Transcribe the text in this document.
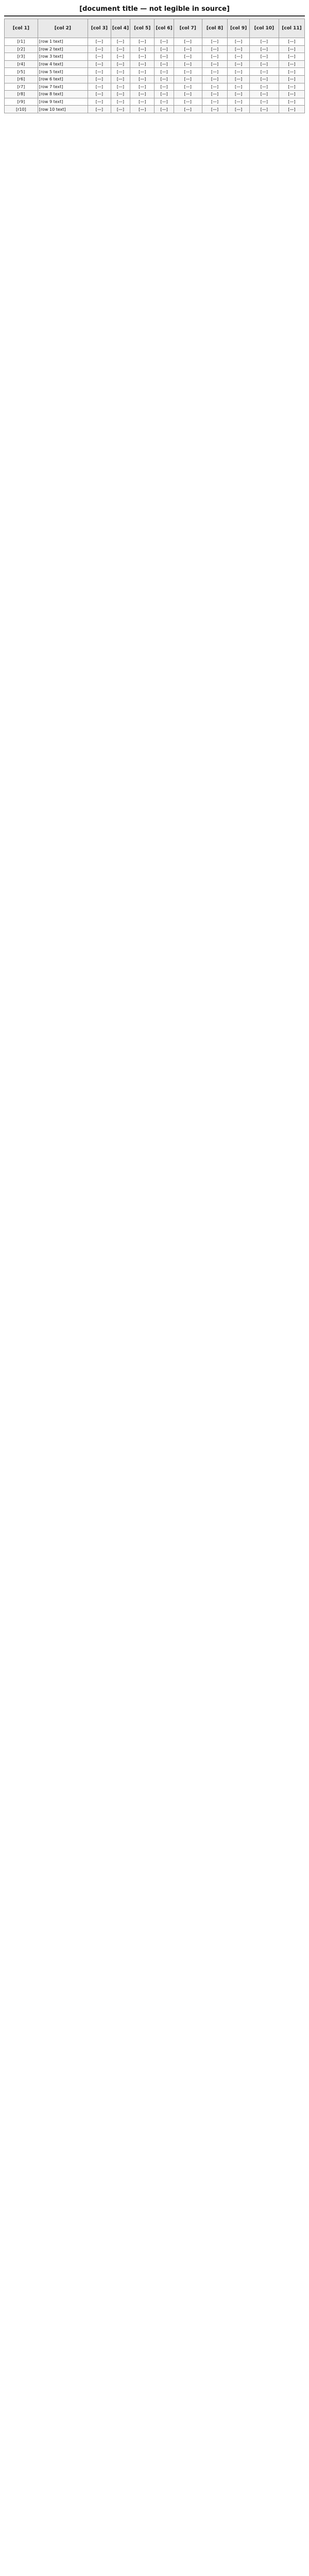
[document title — not legible in source]
[col 1]	[col 2]	[col 3]	[col 4]	[col 5]	[col 6]	[col 7]	[col 8]	[col 9]	[col 10]	[col 11]
[r1]	[row 1 text]	[—]	[—]	[—]	[—]	[—]	[—]	[—]	[—]	[—]
[r2]	[row 2 text]	[—]	[—]	[—]	[—]	[—]	[—]	[—]	[—]	[—]
[r3]	[row 3 text]	[—]	[—]	[—]	[—]	[—]	[—]	[—]	[—]	[—]
[r4]	[row 4 text]	[—]	[—]	[—]	[—]	[—]	[—]	[—]	[—]	[—]
[r5]	[row 5 text]	[—]	[—]	[—]	[—]	[—]	[—]	[—]	[—]	[—]
[r6]	[row 6 text]	[—]	[—]	[—]	[—]	[—]	[—]	[—]	[—]	[—]
[r7]	[row 7 text]	[—]	[—]	[—]	[—]	[—]	[—]	[—]	[—]	[—]
[r8]	[row 8 text]	[—]	[—]	[—]	[—]	[—]	[—]	[—]	[—]	[—]
[r9]	[row 9 text]	[—]	[—]	[—]	[—]	[—]	[—]	[—]	[—]	[—]
[r10]	[row 10 text]	[—]	[—]	[—]	[—]	[—]	[—]	[—]	[—]	[—]
